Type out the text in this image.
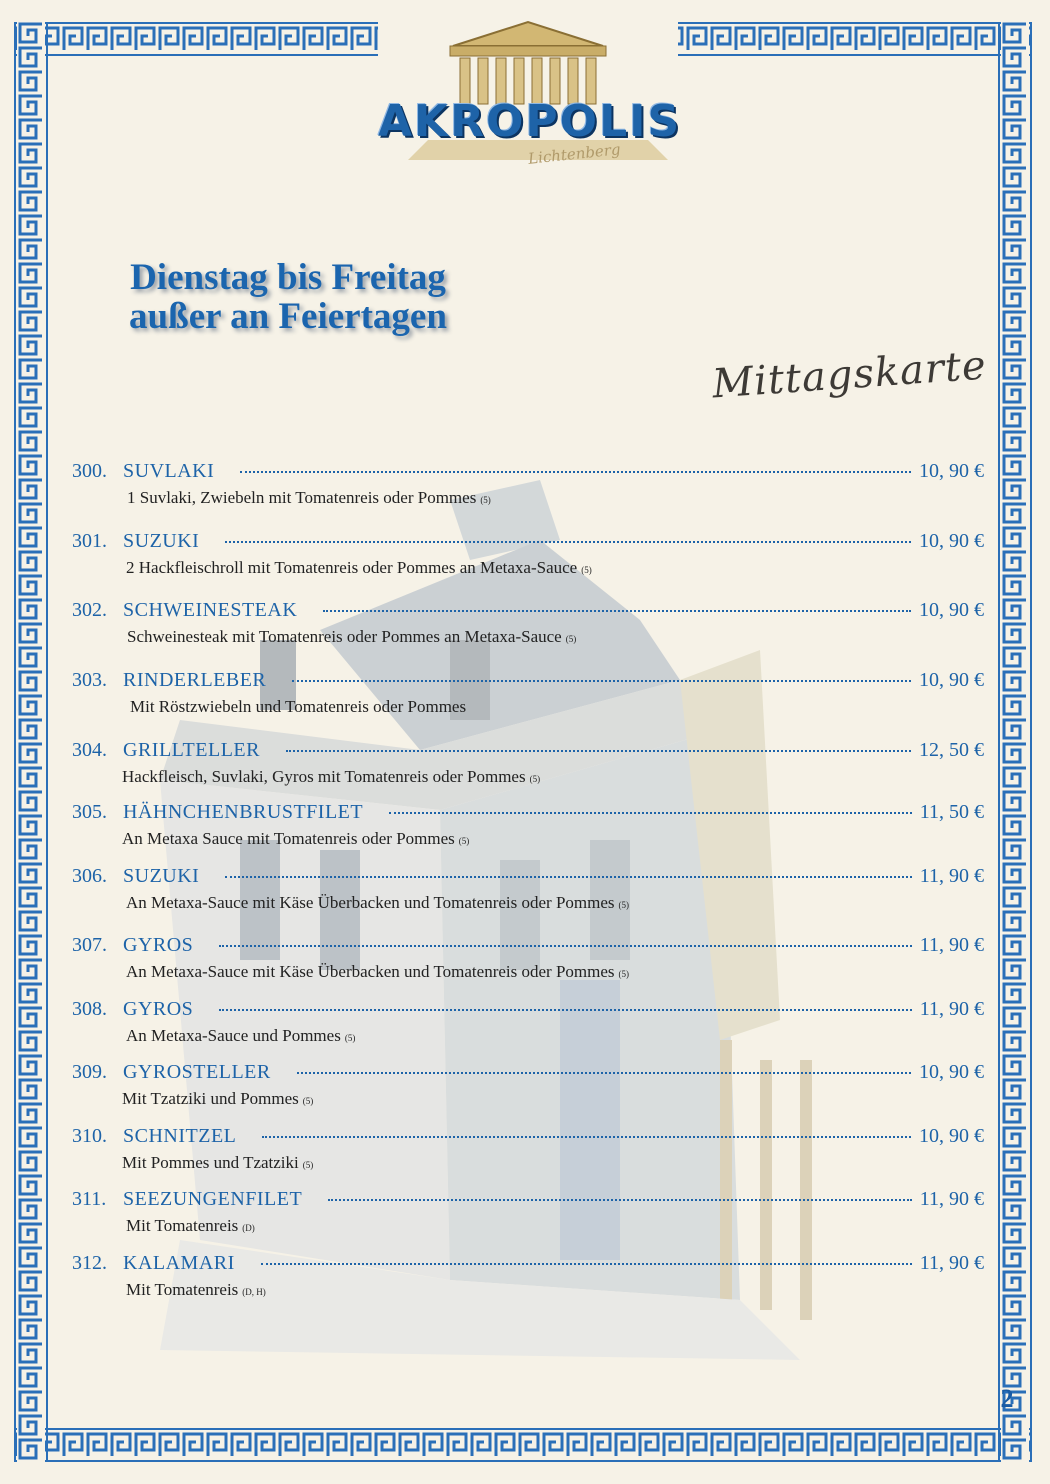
AKROPOLIS
Lichtenberg
Dienstag bis Freitag
außer an Feiertagen
Mittagskarte
300. SUVLAKI	10, 90 €
1 Suvlaki, Zwiebeln mit Tomatenreis oder Pommes (5)
301. SUZUKI	10, 90 €
2 Hackfleischroll mit Tomatenreis oder Pommes an Metaxa-Sauce (5)
302. SCHWEINESTEAK	10, 90 €
Schweinesteak mit Tomatenreis oder Pommes an Metaxa-Sauce (5)
303. RINDERLEBER	10, 90 €
Mit Röstzwiebeln und Tomatenreis oder Pommes
304. GRILLTELLER	12, 50 €
Hackfleisch, Suvlaki, Gyros mit Tomatenreis oder Pommes (5)
305. HÄHNCHENBRUSTFILET	11, 50 €
An Metaxa Sauce mit Tomatenreis oder Pommes (5)
306. SUZUKI	11, 90 €
An Metaxa-Sauce mit Käse Überbacken und Tomatenreis oder Pommes (5)
307. GYROS	11, 90 €
An Metaxa-Sauce mit Käse Überbacken und Tomatenreis oder Pommes (5)
308. GYROS	11, 90 €
An Metaxa-Sauce und Pommes (5)
309. GYROSTELLER	10, 90 €
Mit Tzatziki und Pommes (5)
310. SCHNITZEL	10, 90 €
Mit Pommes und Tzatziki (5)
311. SEEZUNGENFILET	11, 90 €
Mit Tomatenreis (D)
312. KALAMARI	11, 90 €
Mit Tomatenreis (D, H)
2
